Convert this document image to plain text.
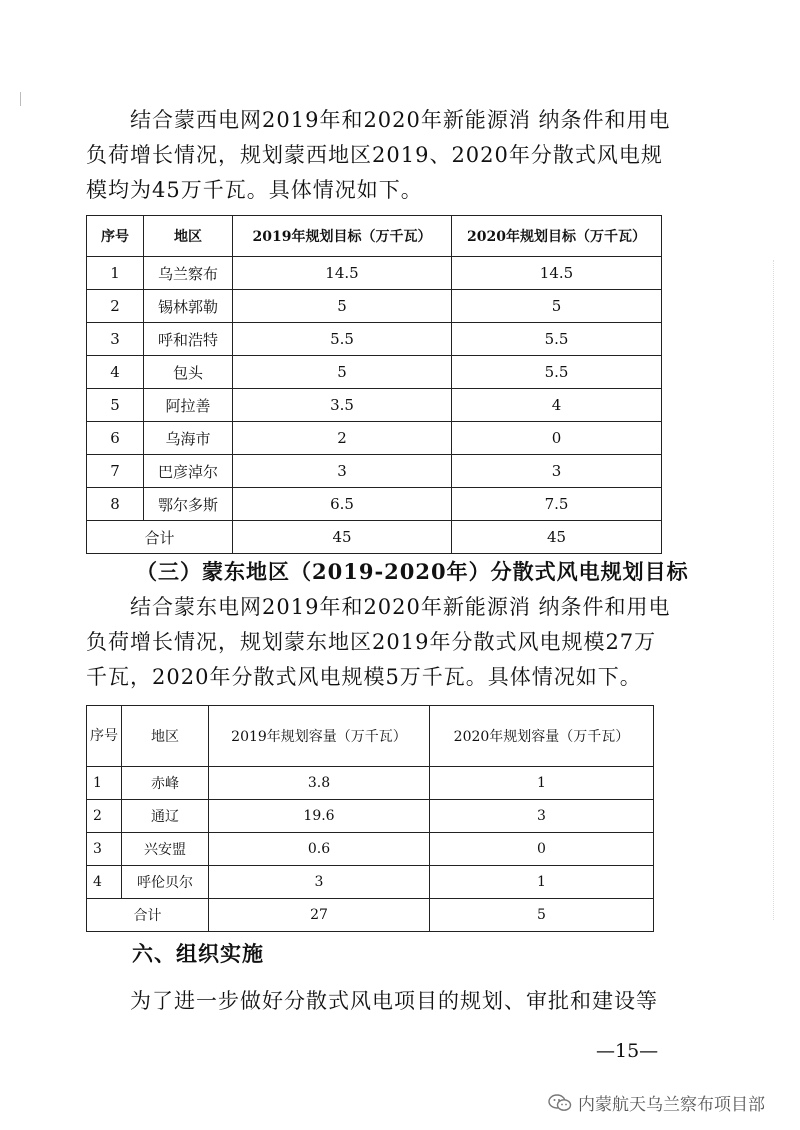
结合蒙西电网2019年和2020年新能源消 纳条件和用电
负荷增长情况，规划蒙西地区2019、2020年分散式风电规
模均为45万千瓦。具体情况如下。

序号	地区	2019年规划目标（万千瓦）	2020年规划目标（万千瓦）
1	乌兰察布	14.5	14.5
2	锡林郭勒	5	5
3	呼和浩特	5.5	5.5
4	包头	5	5.5
5	阿拉善	3.5	4
6	乌海市	2	0
7	巴彦淖尔	3	3
8	鄂尔多斯	6.5	7.5
合计		45	45
（三）蒙东地区（2019-2020年）分散式风电规划目标

结合蒙东电网2019年和2020年新能源消 纳条件和用电
负荷增长情况，规划蒙东地区2019年分散式风电规模27万
千瓦，2020年分散式风电规模5万千瓦。具体情况如下。

序号	地区	2019年规划容量（万千瓦）	2020年规划容量（万千瓦）
1	赤峰	3.8	1
2	通辽	19.6	3
3	兴安盟	0.6	0
4	呼伦贝尔	3	1
合计		27	5
六、组织实施

为了进一步做好分散式风电项目的规划、审批和建设等

—15—

内蒙航天乌兰察布项目部
